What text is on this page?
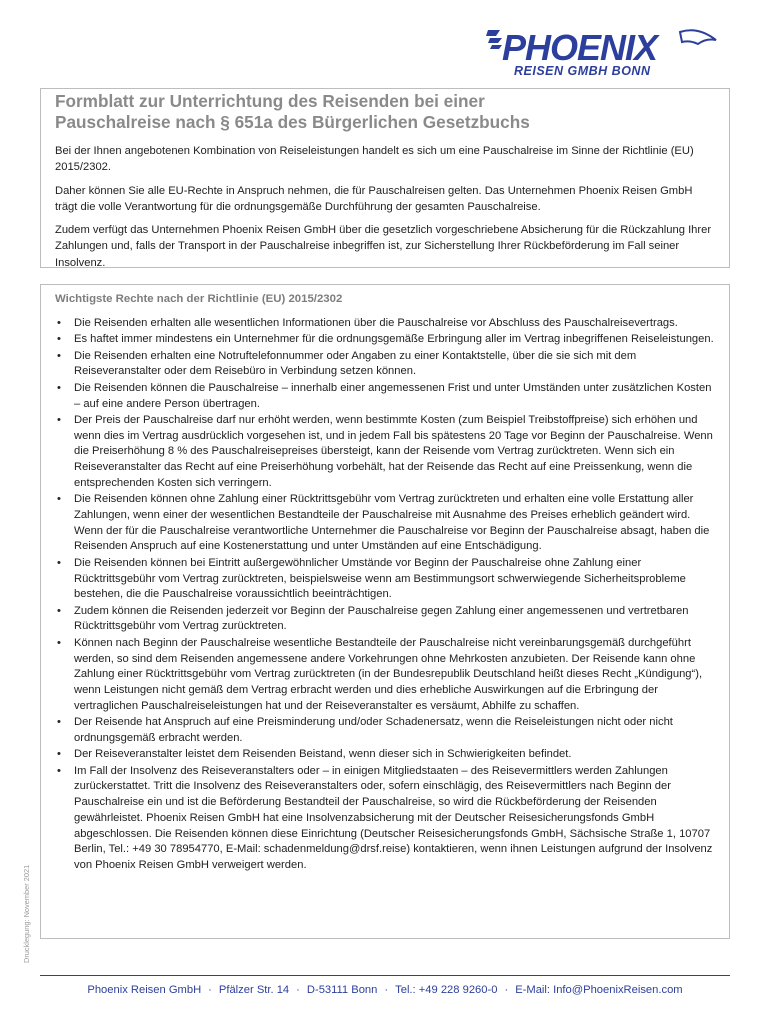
PHOENIX
REISEN GMBH BONN
Formblatt zur Unterrichtung des Reisenden bei einer
Pauschalreise nach § 651a des Bürgerlichen Gesetzbuchs

Bei der Ihnen angebotenen Kombination von Reiseleistungen handelt es sich um eine Pauschalreise im Sinne der Richtlinie (EU) 2015/2302.

Daher können Sie alle EU-Rechte in Anspruch nehmen, die für Pauschalreisen gelten. Das Unternehmen Phoenix Reisen GmbH trägt die volle Verantwortung für die ordnungsgemäße Durchführung der gesamten Pauschalreise.

Zudem verfügt das Unternehmen Phoenix Reisen GmbH über die gesetzlich vorgeschriebene Absicherung für die Rückzahlung Ihrer Zahlungen und, falls der Transport in der Pauschalreise inbegriffen ist, zur Sicherstellung Ihrer Rückbeförderung im Fall seiner Insolvenz.

Wichtigste Rechte nach der Richtlinie (EU) 2015/2302
• Die Reisenden erhalten alle wesentlichen Informationen über die Pauschalreise vor Abschluss des Pauschalreisevertrags.
• Es haftet immer mindestens ein Unternehmer für die ordnungsgemäße Erbringung aller im Vertrag inbegriffenen Reiseleistungen.
• Die Reisenden erhalten eine Notruftelefonnummer oder Angaben zu einer Kontaktstelle, über die sie sich mit dem Reiseveranstalter oder dem Reisebüro in Verbindung setzen können.
• Die Reisenden können die Pauschalreise – innerhalb einer angemessenen Frist und unter Umständen unter zusätzlichen Kosten – auf eine andere Person übertragen.
• Der Preis der Pauschalreise darf nur erhöht werden, wenn bestimmte Kosten (zum Beispiel Treibstoffpreise) sich erhöhen und wenn dies im Vertrag ausdrücklich vorgesehen ist, und in jedem Fall bis spätestens 20 Tage vor Beginn der Pauschalreise. Wenn die Preiserhöhung 8 % des Pauschalreisepreises übersteigt, kann der Reisende vom Vertrag zurücktreten. Wenn sich ein Reiseveranstalter das Recht auf eine Preiserhöhung vorbehält, hat der Reisende das Recht auf eine Preissenkung, wenn die entsprechenden Kosten sich verringern.
• Die Reisenden können ohne Zahlung einer Rücktrittsgebühr vom Vertrag zurücktreten und erhalten eine volle Erstattung aller Zahlungen, wenn einer der wesentlichen Bestandteile der Pauschalreise mit Ausnahme des Preises erheblich geändert wird. Wenn der für die Pauschalreise verantwortliche Unternehmer die Pauschalreise vor Beginn der Pauschalreise absagt, haben die Reisenden Anspruch auf eine Kostenerstattung und unter Umständen auf eine Entschädigung.
• Die Reisenden können bei Eintritt außergewöhnlicher Umstände vor Beginn der Pauschalreise ohne Zahlung einer Rücktrittsgebühr vom Vertrag zurücktreten, beispielsweise wenn am Bestimmungsort schwerwiegende Sicherheitsprobleme bestehen, die die Pauschalreise voraussichtlich beeinträchtigen.
• Zudem können die Reisenden jederzeit vor Beginn der Pauschalreise gegen Zahlung einer angemessenen und vertretbaren Rücktrittsgebühr vom Vertrag zurücktreten.
• Können nach Beginn der Pauschalreise wesentliche Bestandteile der Pauschalreise nicht vereinbarungsgemäß durchgeführt werden, so sind dem Reisenden angemessene andere Vorkehrungen ohne Mehrkosten anzubieten. Der Reisende kann ohne Zahlung einer Rücktrittsgebühr vom Vertrag zurücktreten (in der Bundesrepublik Deutschland heißt dieses Recht „Kündigung“), wenn Leistungen nicht gemäß dem Vertrag erbracht werden und dies erhebliche Auswirkungen auf die Erbringung der vertraglichen Pauschalreiseleistungen hat und der Reiseveranstalter es versäumt, Abhilfe zu schaffen.
• Der Reisende hat Anspruch auf eine Preisminderung und/oder Schadenersatz, wenn die Reiseleistungen nicht oder nicht ordnungsgemäß erbracht werden.
• Der Reiseveranstalter leistet dem Reisenden Beistand, wenn dieser sich in Schwierigkeiten befindet.
• Im Fall der Insolvenz des Reiseveranstalters oder – in einigen Mitgliedstaaten – des Reisevermittlers werden Zahlungen zurückerstattet. Tritt die Insolvenz des Reiseveranstalters oder, sofern einschlägig, des Reisevermittlers nach Beginn der Pauschalreise ein und ist die Beförderung Bestandteil der Pauschalreise, so wird die Rückbeförderung der Reisenden gewährleistet. Phoenix Reisen GmbH hat eine Insolvenzabsicherung mit der Deutscher Reisesicherungsfonds GmbH abgeschlossen. Die Reisenden können diese Einrichtung (Deutscher Reisesicherungsfonds GmbH, Sächsische Straße 1, 10707 Berlin, Tel.: +49 30 78954770, E-Mail: schadenmeldung@drsf.reise) kontaktieren, wenn ihnen Leistungen aufgrund der Insolvenz von Phoenix Reisen GmbH verweigert werden.
Drucklegung: November 2021
Phoenix Reisen GmbH · Pfälzer Str. 14 · D-53111 Bonn · Tel.: +49 228 9260-0 · E-Mail: Info@PhoenixReisen.com
